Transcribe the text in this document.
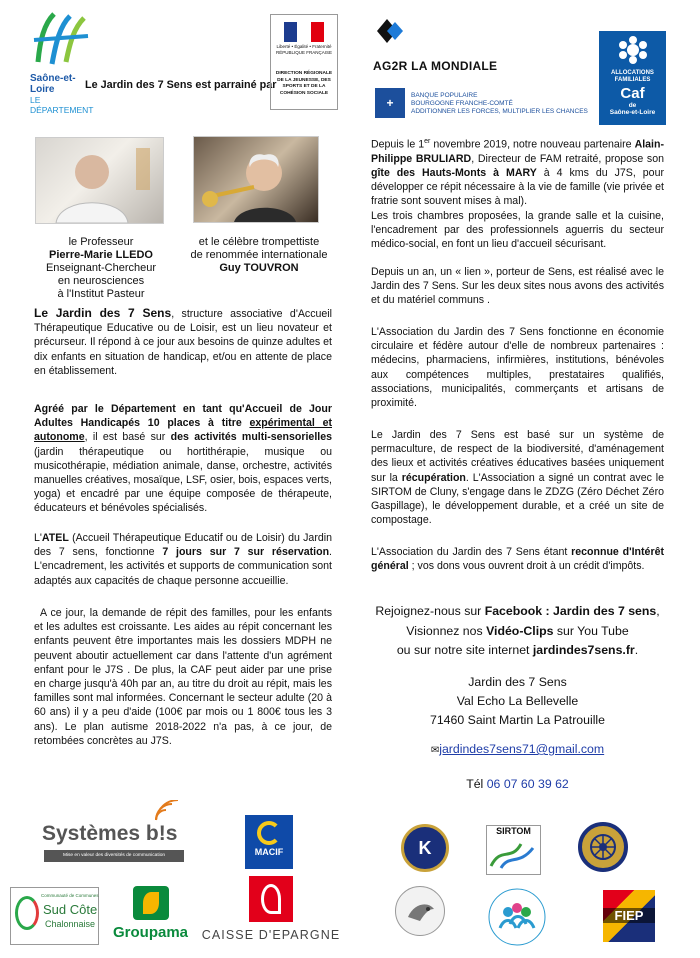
Saône-et-Loire
LE DÉPARTEMENT
Le Jardin des 7 Sens est parrainé par
Liberté • Égalité • Fraternité RÉPUBLIQUE FRANÇAISE
DIRECTION RÉGIONALE DE LA JEUNESSE, DES SPORTS ET DE LA COHÉSION SOCIALE
le Professeur
Pierre-Marie LLEDO
Enseignant-Chercheur
en neurosciences
à l'Institut Pasteur
et le célèbre trompettiste
de renommée internationale
Guy TOUVRON
Le Jardin des 7 Sens, structure associative d'Accueil Thérapeutique Educative ou de Loisir, est un lieu novateur et précurseur. Il répond à ce jour aux besoins de quinze adultes et dix enfants en situation de handicap, et/ou en attente de place en établissement.
Agréé par le Département en tant qu'Accueil de Jour Adultes Handicapés 10 places à titre expérimental et autonome, il est basé sur des activités multi-sensorielles (jardin thérapeutique ou hortithérapie, musique ou musicothérapie, médiation animale, danse, orchestre, activités manuelles créatives, mosaïque, LSF, osier, bois, espaces verts, yoga) et encadré par une équipe composée de thérapeute, éducateurs et bénévoles spécialisés.
L'ATEL (Accueil Thérapeutique Educatif ou de Loisir) du Jardin des 7 sens, fonctionne 7 jours sur 7 sur réservation. L'encadrement, les activités et supports de communication sont adaptés aux capacités de chaque personne accueillie.
A ce jour, la demande de répit des familles, pour les enfants et les adultes est croissante. Les aides au répit concernant les enfants peuvent être importantes mais les dossiers MDPH ne peuvent aboutir actuellement car dans l'attente d'un agrément enfant pour le J7S . De plus, la CAF peut aider par une prise en charge jusqu'à 40h par an, au titre du droit au répit, mais les familles sont mal informées. Concernant le secteur adulte (20 à 60 ans) il y a peu d'aide (100€ par mois ou 1 800€ tous les 3 ans). Le plan autisme 2018-2022 n'a pas, à ce jour, de retombées concrètes au J7S.
AG2R LA MONDIALE
+
BANQUE POPULAIRE
BOURGOGNE FRANCHE-COMTÉ
ADDITIONNER LES FORCES, MULTIPLIER LES CHANCES
ALLOCATIONS
FAMILIALES
Caf
de
Saône-et-Loire
Depuis le 1er novembre 2019, notre nouveau partenaire Alain-Philippe BRULIARD, Directeur de FAM retraité, propose son gîte des Hauts-Monts à MARY à 4 kms du J7S, pour développer ce répit nécessaire à la vie de famille (vie privée et fratrie sont souvent mises à mal).
Les trois chambres proposées, la grande salle et la cuisine, l'encadrement par des professionnels aguerris du secteur médico-social, en font un lieu d'accueil sécurisant.
Depuis un an, un « lien », porteur de Sens, est réalisé avec le Jardin des 7 Sens. Sur les deux sites nous avons des activités et du matériel communs .
L'Association du Jardin des 7 Sens fonctionne en économie circulaire et fédère autour d'elle de nombreux partenaires : médecins, pharmaciens, infirmières, institutions, bénévoles aux compétences multiples, prestataires qualifiés, associations, municipalités, commerçants et artisans de proximité.
Le Jardin des 7 Sens est basé sur un système de permaculture, de respect de la biodiversité, d'aménagement des lieux et activités créatives éducatives basées uniquement sur la récupération. L'Association a signé un contrat avec le SIRTOM de Cluny, s'engage dans le ZDZG (Zéro Déchet Zéro Gaspillage), le développement durable, et a créé un site de compostage.
L'Association du Jardin des 7 Sens étant reconnue d'Intérêt général ; vos dons vous ouvrent droit à un crédit d'impôts.
Rejoignez-nous sur Facebook : Jardin des 7 sens,
Visionnez nos Vidéo-Clips sur You Tube
ou sur notre site internet jardindes7sens.fr.
Jardin des 7 Sens
Val Echo La Bellevelle
71460 Saint Martin La Patrouille
✉jardindes7sens71@gmail.com
Tél 06 07 60 39 62
Systèmes b!s
Mise en valeur des diversités de communication	MACIF	K
SIRTOM
Communauté de Communes
Sud Côte
Chalonnaise	Groupama	CAISSE D'EPARGNE
FIEP
